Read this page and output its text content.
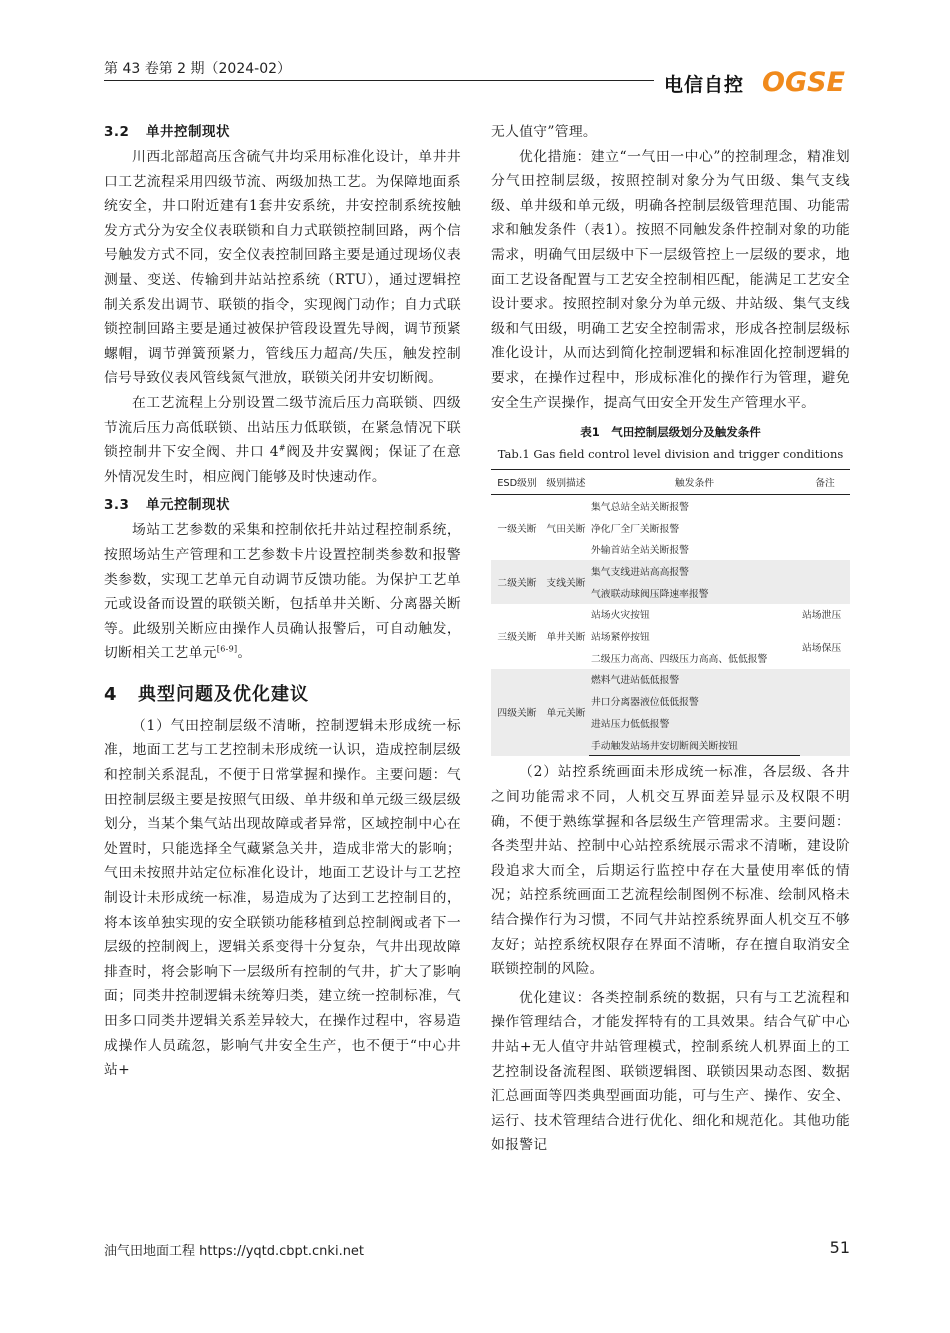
第 43 卷第 2 期（2024-02）
电信自控 OGSE
3.2 单井控制现状

川西北部超高压含硫气井均采用标准化设计，单井井口工艺流程采用四级节流、两级加热工艺。为保障地面系统安全，井口附近建有1套井安系统，井安控制系统按触发方式分为安全仪表联锁和自力式联锁控制回路，两个信号触发方式不同，安全仪表控制回路主要是通过现场仪表测量、变送、传输到井站站控系统（RTU），通过逻辑控制关系发出调节、联锁的指令，实现阀门动作；自力式联锁控制回路主要是通过被保护管段设置先导阀，调节预紧螺帽，调节弹簧预紧力，管线压力超高/失压，触发控制信号导致仪表风管线氮气泄放，联锁关闭井安切断阀。

在工艺流程上分别设置二级节流后压力高联锁、四级节流后压力高低联锁、出站压力低联锁，在紧急情况下联锁控制井下安全阀、井口 4#阀及井安翼阀；保证了在意外情况发生时，相应阀门能够及时快速动作。

3.3 单元控制现状

场站工艺参数的采集和控制依托井站过程控制系统，按照场站生产管理和工艺参数卡片设置控制类参数和报警类参数，实现工艺单元自动调节反馈功能。为保护工艺单元或设备而设置的联锁关断，包括单井关断、分离器关断等。此级别关断应由操作人员确认报警后，可自动触发，切断相关工艺单元[6-9]。

4 典型问题及优化建议

（1）气田控制层级不清晰，控制逻辑未形成统一标准，地面工艺与工艺控制未形成统一认识，造成控制层级和控制关系混乱，不便于日常掌握和操作。主要问题：气田控制层级主要是按照气田级、单井级和单元级三级层级划分，当某个集气站出现故障或者异常，区域控制中心在处置时，只能选择全气藏紧急关井，造成非常大的影响；气田未按照井站定位标准化设计，地面工艺设计与工艺控制设计未形成统一标准，易造成为了达到工艺控制目的，将本该单独实现的安全联锁功能移植到总控制阀或者下一层级的控制阀上，逻辑关系变得十分复杂，气井出现故障排查时，将会影响下一层级所有控制的气井，扩大了影响面；同类井控制逻辑未统筹归类，建立统一控制标准，气田多口同类井逻辑关系差异较大，在操作过程中，容易造成操作人员疏忽，影响气井安全生产，也不便于“中心井站+

无人值守”管理。

优化措施：建立“一气田一中心”的控制理念，精准划分气田控制层级，按照控制对象分为气田级、集气支线级、单井级和单元级，明确各控制层级管理范围、功能需求和触发条件（表1）。按照不同触发条件控制对象的功能需求，明确气田层级中下一层级管控上一层级的要求，地面工艺设备配置与工艺安全控制相匹配，能满足工艺安全设计要求。按照控制对象分为单元级、井站级、集气支线级和气田级，明确工艺安全控制需求，形成各控制层级标准化设计，从而达到简化控制逻辑和标准固化控制逻辑的要求，在操作过程中，形成标准化的操作行为管理，避免安全生产误操作，提高气田安全开发生产管理水平。

表1　气田控制层级划分及触发条件
Tab.1 Gas field control level division and trigger conditions
ESD级别	级别描述	触发条件	备注
一级关断	气田关断	集气总站全站关断报警	
		净化厂全厂关断报警	
		外输首站全站关断报警	
二级关断	支线关断	集气支线进站高高报警	
		气液联动球阀压降速率报警	
三级关断	单井关断	站场火灾按钮	站场泄压
		站场紧停按钮	站场保压
		二级压力高高、四级压力高高、低低报警	
四级关断	单元关断	燃料气进站低低报警	
		井口分离器液位低低报警	
		进站压力低低报警	
		手动触发站场井安切断阀关断按钮	

（2）站控系统画面未形成统一标准，各层级、各井之间功能需求不同，人机交互界面差异显示及权限不明确，不便于熟练掌握和各层级生产管理需求。主要问题：各类型井站、控制中心站控系统展示需求不清晰，建设阶段追求大而全，后期运行监控中存在大量使用率低的情况；站控系统画面工艺流程绘制图例不标准、绘制风格未结合操作行为习惯，不同气井站控系统界面人机交互不够友好；站控系统权限存在界面不清晰，存在擅自取消安全联锁控制的风险。

优化建议：各类控制系统的数据，只有与工艺流程和操作管理结合，才能发挥特有的工具效果。结合气矿中心井站+无人值守井站管理模式，控制系统人机界面上的工艺控制设备流程图、联锁逻辑图、联锁因果动态图、数据汇总画面等四类典型画面功能，可与生产、操作、安全、运行、技术管理结合进行优化、细化和规范化。其他功能如报警记

油气田地面工程 https://yqtd.cbpt.cnki.net	51
